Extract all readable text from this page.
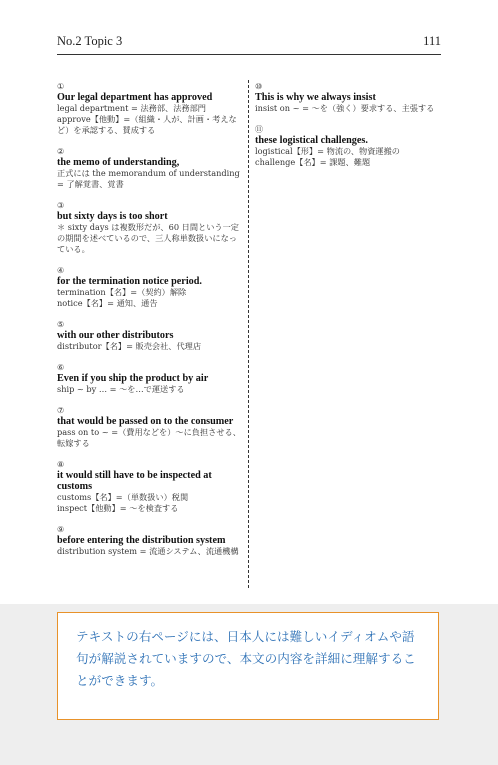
No.2 Topic 3	111
①
Our legal department has approved
legal department = 法務部、法務部門
approve【他動】=（組織・人が、計画・考えなど）を承認する、賛成する
②
the memo of understanding,
正式には the memorandum of understanding = 了解覚書、覚書
③
but sixty days is too short
＊ sixty days は複数形だが、60 日間という一定の期間を述べているので、三人称単数扱いになっている。
④
for the termination notice period.
termination【名】=（契約）解除
notice【名】= 通知、通告
⑤
with our other distributors
distributor【名】= 販売会社、代理店
⑥
Even if you ship the product by air
ship ~ by … = ～を…で運送する
⑦
that would be passed on to the consumer
pass on to ~ =（費用などを）～に負担させる、転嫁する
⑧
it would still have to be inspected at customs
customs【名】=（単数扱い）税関
inspect【他動】= ～を検査する
⑨
before entering the distribution system
distribution system = 流通システム、流通機構
⑩
This is why we always insist
insist on ~ = ～を（強く）要求する、主張する
⑪
these logistical challenges.
logistical【形】= 物流の、物資運搬の
challenge【名】= 課題、難題
テキストの右ページには、日本人には難しいイディオムや語句が解説されていますので、本文の内容を詳細に理解することができます。
